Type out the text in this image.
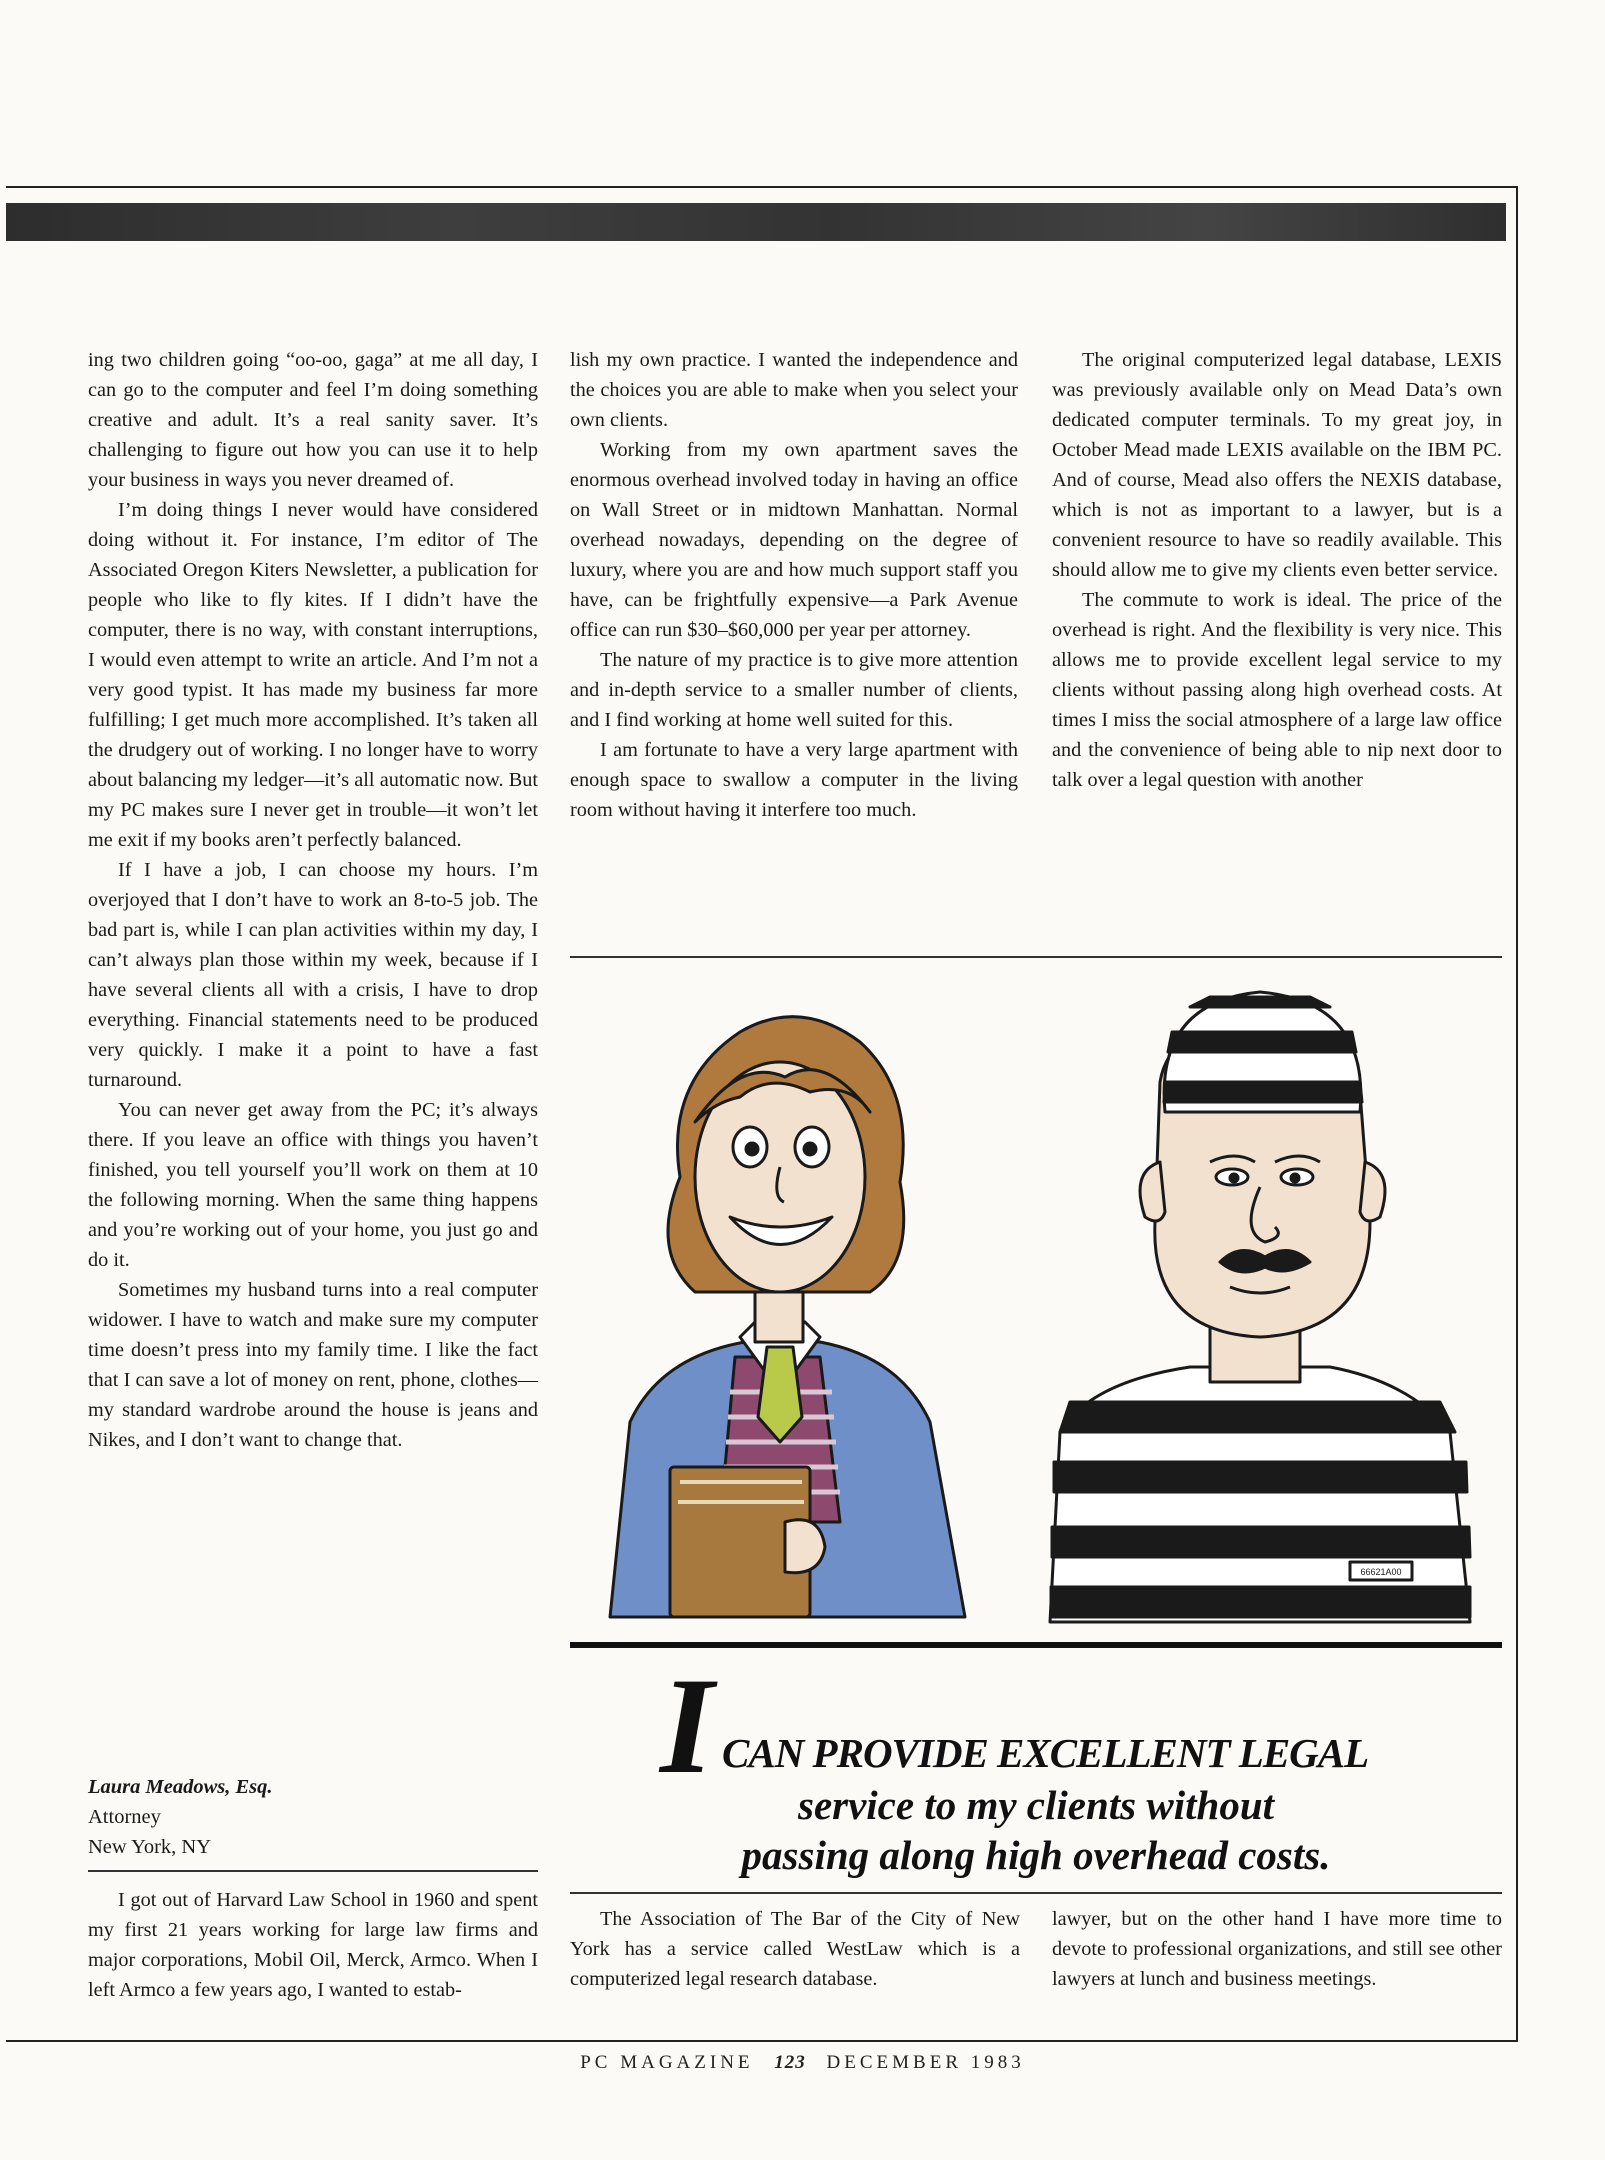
ing two children going “oo-oo, gaga” at me all day, I can go to the computer and feel I’m doing something creative and adult. It’s a real sanity saver. It’s challenging to figure out how you can use it to help your business in ways you never dreamed of.

I’m doing things I never would have considered doing without it. For instance, I’m editor of The Associated Oregon Kiters Newsletter, a publication for people who like to fly kites. If I didn’t have the computer, there is no way, with constant interruptions, I would even attempt to write an article. And I’m not a very good typist. It has made my business far more fulfilling; I get much more accomplished. It’s taken all the drudgery out of working. I no longer have to worry about balancing my ledger—it’s all automatic now. But my PC makes sure I never get in trouble—it won’t let me exit if my books aren’t perfectly balanced.

If I have a job, I can choose my hours. I’m overjoyed that I don’t have to work an 8-to-5 job. The bad part is, while I can plan activities within my day, I can’t always plan those within my week, because if I have several clients all with a crisis, I have to drop everything. Financial statements need to be produced very quickly. I make it a point to have a fast turnaround.

You can never get away from the PC; it’s always there. If you leave an office with things you haven’t finished, you tell yourself you’ll work on them at 10 the following morning. When the same thing happens and you’re working out of your home, you just go and do it.

Sometimes my husband turns into a real computer widower. I have to watch and make sure my computer time doesn’t press into my family time. I like the fact that I can save a lot of money on rent, phone, clothes—my standard wardrobe around the house is jeans and Nikes, and I don’t want to change that.

Laura Meadows, Esq.
Attorney
New York, NY

I got out of Harvard Law School in 1960 and spent my first 21 years working for large law firms and major corporations, Mobil Oil, Merck, Armco. When I left Armco a few years ago, I wanted to estab-

lish my own practice. I wanted the independence and the choices you are able to make when you select your own clients.

Working from my own apartment saves the enormous overhead involved today in having an office on Wall Street or in midtown Manhattan. Normal overhead nowadays, depending on the degree of luxury, where you are and how much support staff you have, can be frightfully expensive—a Park Avenue office can run $30–$60,000 per year per attorney.

The nature of my practice is to give more attention and in-depth service to a smaller number of clients, and I find working at home well suited for this.

I am fortunate to have a very large apartment with enough space to swallow a computer in the living room without having it interfere too much.

The original computerized legal database, LEXIS was previously available only on Mead Data’s own dedicated computer terminals. To my great joy, in October Mead made LEXIS available on the IBM PC. And of course, Mead also offers the NEXIS database, which is not as important to a lawyer, but is a convenient resource to have so readily available. This should allow me to give my clients even better service.

The commute to work is ideal. The price of the overhead is right. And the flexibility is very nice. This allows me to provide excellent legal service to my clients without passing along high overhead costs. At times I miss the social atmosphere of a large law office and the convenience of being able to nip next door to talk over a legal question with another

66621A00
I CAN PROVIDE EXCELLENT LEGAL
service to my clients without
passing along high overhead costs.

The Association of The Bar of the City of New York has a service called WestLaw which is a computerized legal research database.

lawyer, but on the other hand I have more time to devote to professional organizations, and still see other lawyers at lunch and business meetings.

PC MAGAZINE 123 DECEMBER 1983
